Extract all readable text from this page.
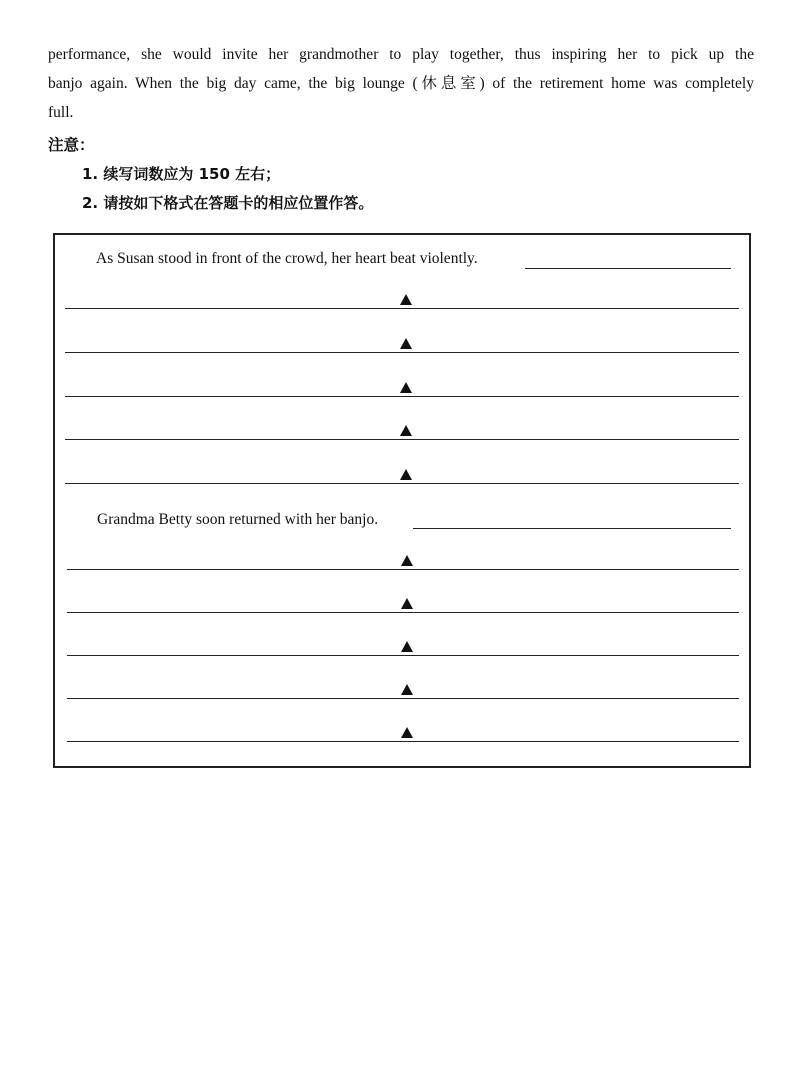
performance, she would invite her grandmother to play together, thus inspiring her to pick up the
banjo again. When the big day came, the big lounge (休息室) of the retirement home was completely
full.
注意：
1. 续写词数应为 150 左右；
2. 请按如下格式在答题卡的相应位置作答。
As Susan stood in front of the crowd, her heart beat violently.
Grandma Betty soon returned with her banjo.
